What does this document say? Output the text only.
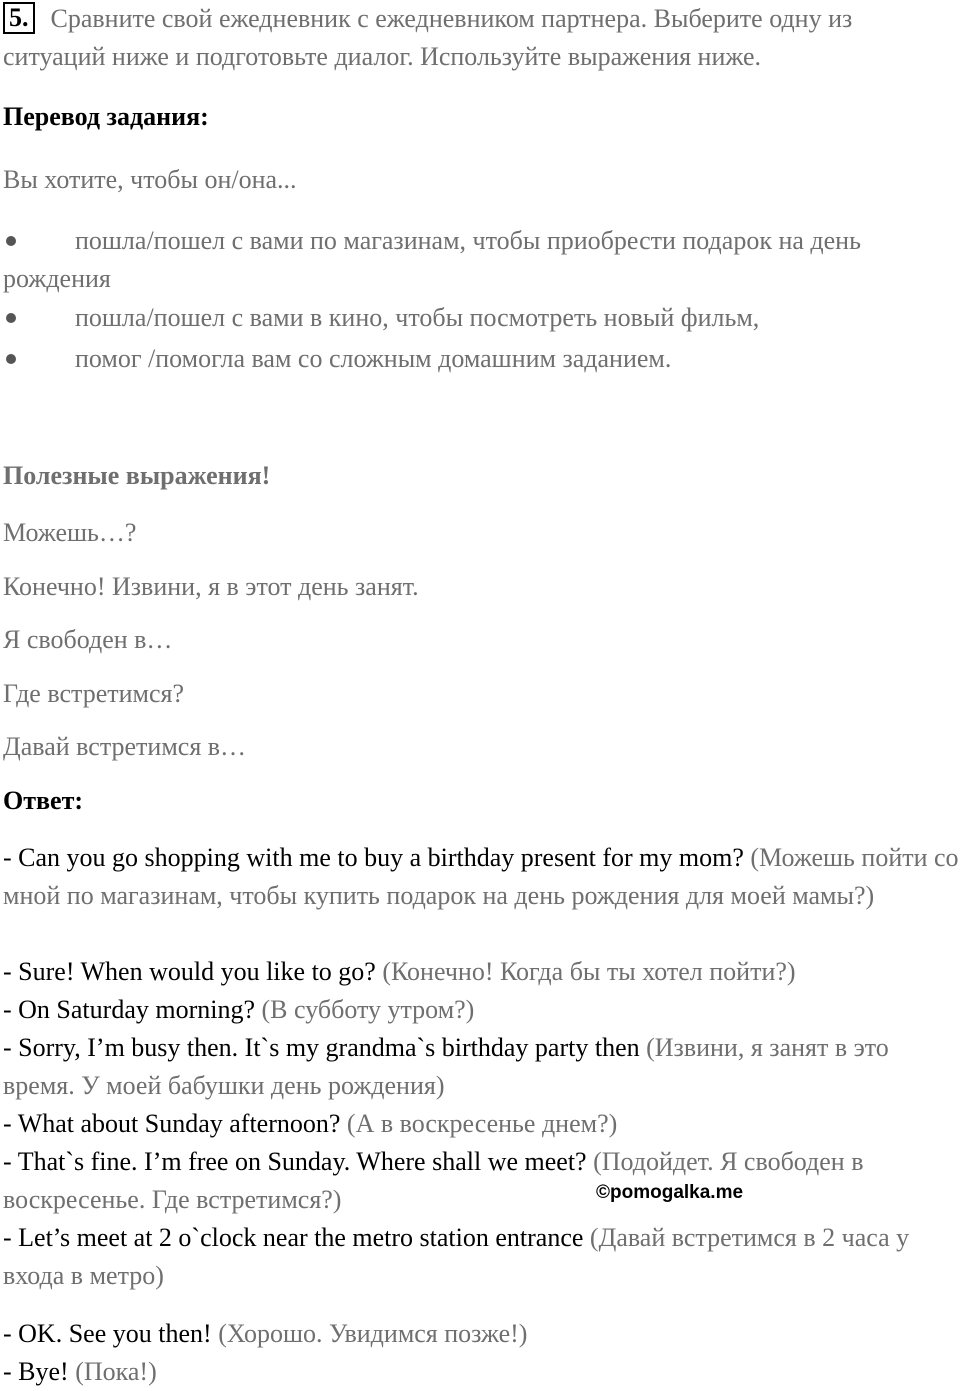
5. Сравните свой ежедневник с ежедневником партнера. Выберите одну из ситуаций ниже и подготовьте диалог. Используйте выражения ниже.

Перевод задания:

Вы хотите, чтобы он/она...

пошла/пошел с вами по магазинам, чтобы приобрести подарок на день

рождения

пошла/пошел с вами в кино, чтобы посмотреть новый фильм,
помог /помогла вам со сложным домашним заданием.

Полезные выражения!

Можешь…?

Конечно! Извини, я в этот день занят.

Я свободен в…

Где встретимся?

Давай встретимся в…

Ответ:

- Can you go shopping with me to buy a birthday present for my mom? (Можешь пойти со мной по магазинам, чтобы купить подарок на день рождения для моей мамы?)

- Sure! When would you like to go? (Конечно! Когда бы ты хотел пойти?)

- On Saturday morning? (В субботу утром?)

- Sorry, I’m busy then. It`s my grandma`s birthday party then (Извини, я занят в это время. У моей бабушки день рождения)

- What about Sunday afternoon? (А в воскресенье днем?)

- That`s fine. I’m free on Sunday. Where shall we meet? (Подойдет. Я свободен в воскресенье. Где встретимся?)

- Let’s meet at 2 o`clock near the metro station entrance (Давай встретимся в 2 часа у входа в метро)

- OK. See you then! (Хорошо. Увидимся позже!)

- Bye! (Пока!)

©pomogalka.me
